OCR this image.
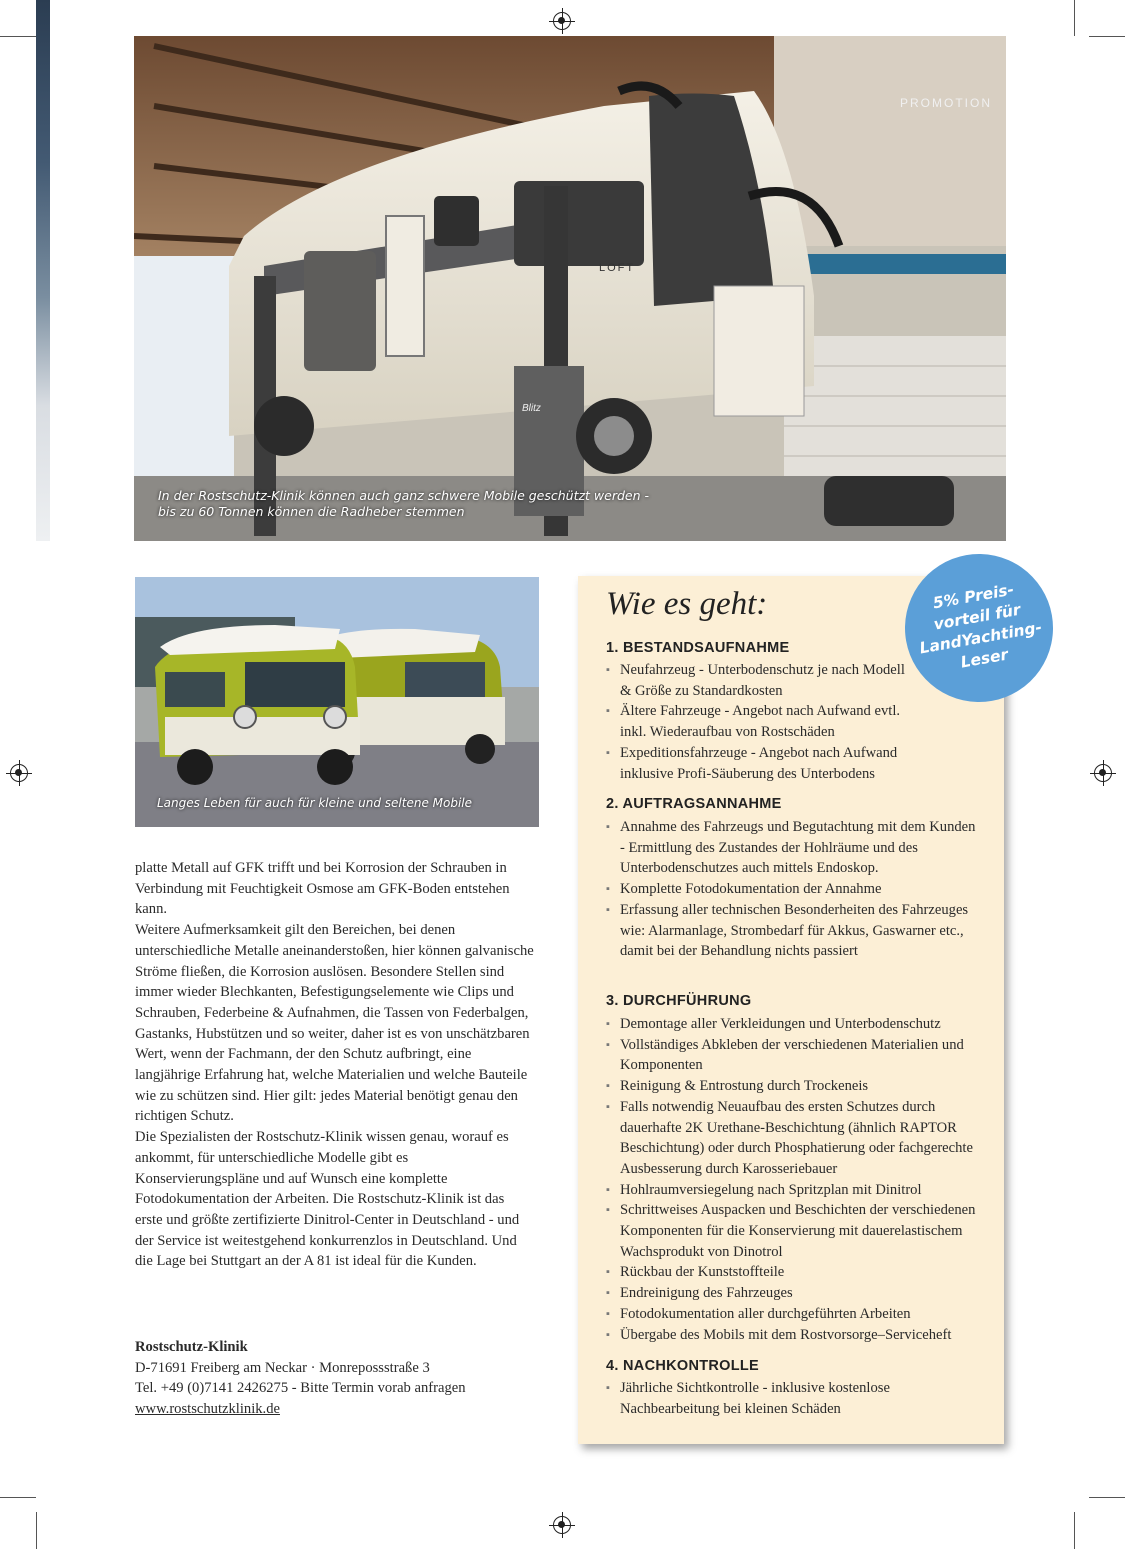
LOFT
Blitz
PROMOTION
In der Rostschutz-Klinik können auch ganz schwere Mobile geschützt werden -
bis zu 60 Tonnen können die Radheber stemmen
Langes Leben für auch für kleine und seltene Mobile

platte Metall auf GFK trifft und bei Korrosion der Schrauben in Verbindung mit Feuchtigkeit Osmose am GFK-Boden entstehen kann.

Weitere Aufmerksamkeit gilt den Bereichen, bei denen unterschiedliche Metalle aneinanderstoßen, hier können galvanische Ströme fließen, die Korrosion auslösen. Besondere Stellen sind immer wieder Blechkanten, Befestigungselemente wie Clips und Schrauben, Federbeine & Aufnahmen, die Tassen von Federbalgen, Gastanks, Hubstützen und so weiter, daher ist es von unschätzbaren Wert, wenn der Fachmann, der den Schutz aufbringt, eine langjährige Erfahrung hat, welche Materialien und welche Bauteile wie zu schützen sind. Hier gilt: jedes Material benötigt genau den richtigen Schutz.

Die Spezialisten der Rostschutz-Klinik wissen genau, worauf es ankommt, für unterschiedliche Modelle gibt es Konservierungspläne und auf Wunsch eine komplette Fotodokumentation der Arbeiten. Die Rostschutz-Klinik ist das erste und größte zertifizierte Dinitrol-Center in Deutschland - und der Service ist weitestgehend konkurrenzlos in Deutschland. Und die Lage bei Stuttgart an der A 81 ist ideal für die Kunden.

Rostschutz-Klinik
D-71691 Freiberg am Neckar · Monrepossstraße 3
Tel. +49 (0)7141 2426275 - Bitte Termin vorab anfragen
www.rostschutzklinik.de
Wie es geht:
1. BESTANDSAUFNAHME
▪ Neufahrzeug - Unterbodenschutz je nach Modell & Größe zu Standardkosten
▪ Ältere Fahrzeuge - Angebot nach Aufwand evtl. inkl. Wiederaufbau von Rostschäden
▪ Expeditionsfahrzeuge - Angebot nach Aufwand inklusive Profi-Säuberung des Unterbodens
2. AUFTRAGSANNAHME
▪ Annahme des Fahrzeugs und Begutachtung mit dem Kunden - Ermittlung des Zustandes der Hohlräume und des Unterbodenschutzes auch mittels Endoskop.
▪ Komplette Fotodokumentation der Annahme
▪ Erfassung aller technischen Besonderheiten des Fahrzeuges wie: Alarmanlage, Strombedarf für Akkus, Gaswarner etc., damit bei der Behandlung nichts passiert
3. DURCHFÜHRUNG
▪ Demontage aller Verkleidungen und Unterbodenschutz
▪ Vollständiges Abkleben der verschiedenen Materialien und Komponenten
▪ Reinigung & Entrostung durch Trockeneis
▪ Falls notwendig Neuaufbau des ersten Schutzes durch dauerhafte 2K Urethane-Beschichtung (ähnlich RAPTOR Beschichtung) oder durch Phosphatierung oder fachgerechte Ausbesserung durch Karosseriebauer
▪ Hohlraumversiegelung nach Spritzplan mit Dinitrol
▪ Schrittweises Auspacken und Beschichten der verschiedenen Komponenten für die Konservierung mit dauerelastischem Wachsprodukt von Dinotrol
▪ Rückbau der Kunststoffteile
▪ Endreinigung des Fahrzeuges
▪ Fotodokumentation aller durchgeführten Arbeiten
▪ Übergabe des Mobils mit dem Rostvorsorge–Serviceheft
4. NACHKONTROLLE
▪ Jährliche Sichtkontrolle - inklusive kostenlose Nachbearbeitung bei kleinen Schäden
5% Preis-
vorteil für
LandYachting-
Leser
